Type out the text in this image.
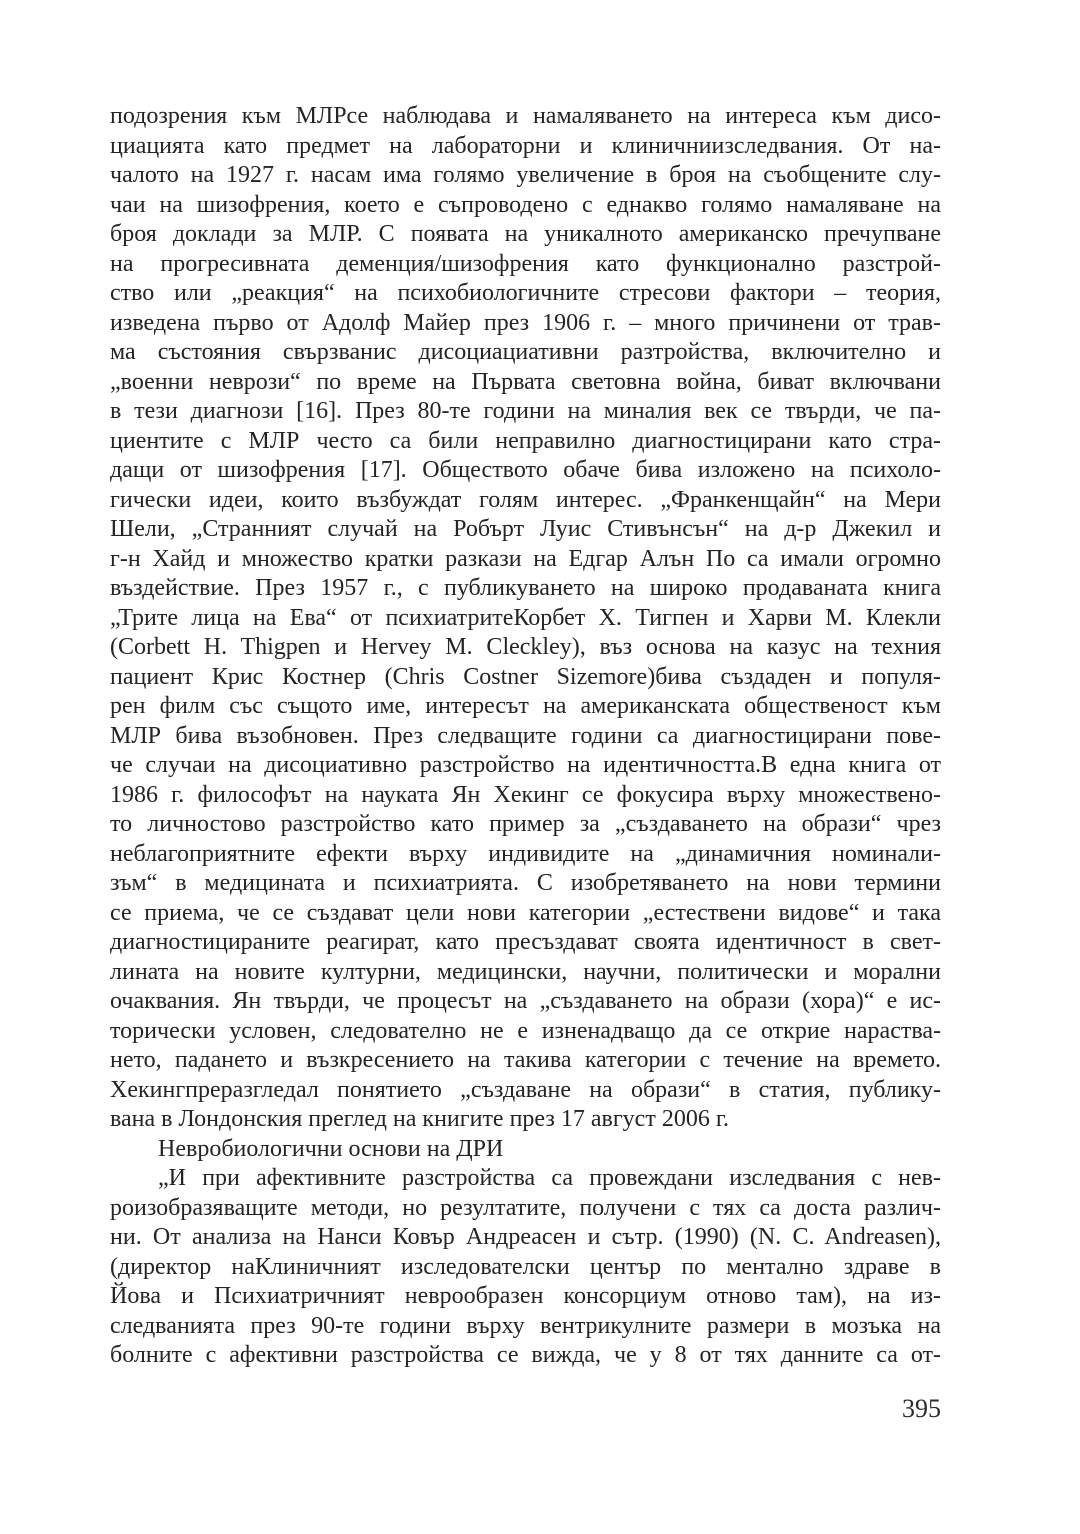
подозрения към МЛРсе наблюдава и намаляването на интереса към дисо-
циацията като предмет на лабораторни и клиничниизследвания. От на-
чалото на 1927 г. насам има голямо увеличение в броя на съобщените слу-
чаи на шизофрения, което е съпроводено с еднакво голямо намаляване на
броя доклади за МЛР. С появата на уникалното американско пречупване
на прогресивната деменция/шизофрения като функционално разстрой-
ство или „реакция“ на психобиологичните стресови фактори – теория,
изведена първо от Адолф Майер през 1906 г. – много причинени от трав-
ма състояния свързванис дисоциациативни разтройства, включително и
„военни неврози“ по време на Първата световна война, биват включвани
в тези диагнози [16]. През 80-те години на миналия век се твърди, че па-
циентите с МЛР често са били неправилно диагностицирани като стра-
дащи от шизофрения [17]. Обществото обаче бива изложено на психоло-
гически идеи, които възбуждат голям интерес. „Франкенщайн“ на Мери
Шели, „Странният случай на Робърт Луис Стивънсън“ на д-р Джекил и
г-н Хайд и множество кратки разкази на Едгар Алън По са имали огромно
въздействие. През 1957 г., с публикуването на широко продаваната книга
„Трите лица на Ева“ от психиатритеКорбет Х. Тигпен и Харви М. Клекли
(Corbett H. Thigpen и Hervey M. Cleckley), въз основа на казус на техния
пациент Крис Костнер (Chris Costner Sizemore)бива създаден и популя-
рен филм със същото име, интересът на американската общественост към
МЛР бива възобновен. През следващите години са диагностицирани пове-
че случаи на дисоциативно разстройство на идентичността.В една книга от
1986 г. философът на науката Ян Хекинг се фокусира върху множествено-
то личностово разстройство като пример за „създаването на образи“ чрез
неблагоприятните ефекти върху индивидите на „динамичния номинали-
зъм“ в медицината и психиатрията. С изобретяването на нови термини
се приема, че се създават цели нови категории „естествени видове“ и така
диагностицираните реагират, като пресъздават своята идентичност в свет-
лината на новите културни, медицински, научни, политически и морални
очаквания. Ян твърди, че процесът на „създаването на образи (хора)“ е ис-
торически условен, следователно не е изненадващо да се открие нараства-
нето, падането и възкресението на такива категории с течение на времето.
Хекингпреразгледал понятието „създаване на образи“ в статия, публику-
вана в Лондонския преглед на книгите през 17 август 2006 г.
Невробиологични основи на ДРИ
„И при афективните разстройства са провеждани изследвания с нев-
роизобразяващите методи, но резултатите, получени с тях са доста различ-
ни. От анализа на Нанси Ковър Андреасен и сътр. (1990) (N. C. Andreasen),
(директор наКлиничният изследователски център по ментално здраве в
Йова и Психиатричният неврообразен консорциум отново там), на из-
следванията през 90-те години върху вентрикулните размери в мозъка на
болните с афективни разстройства се вижда, че у 8 от тях данните са от-
395
